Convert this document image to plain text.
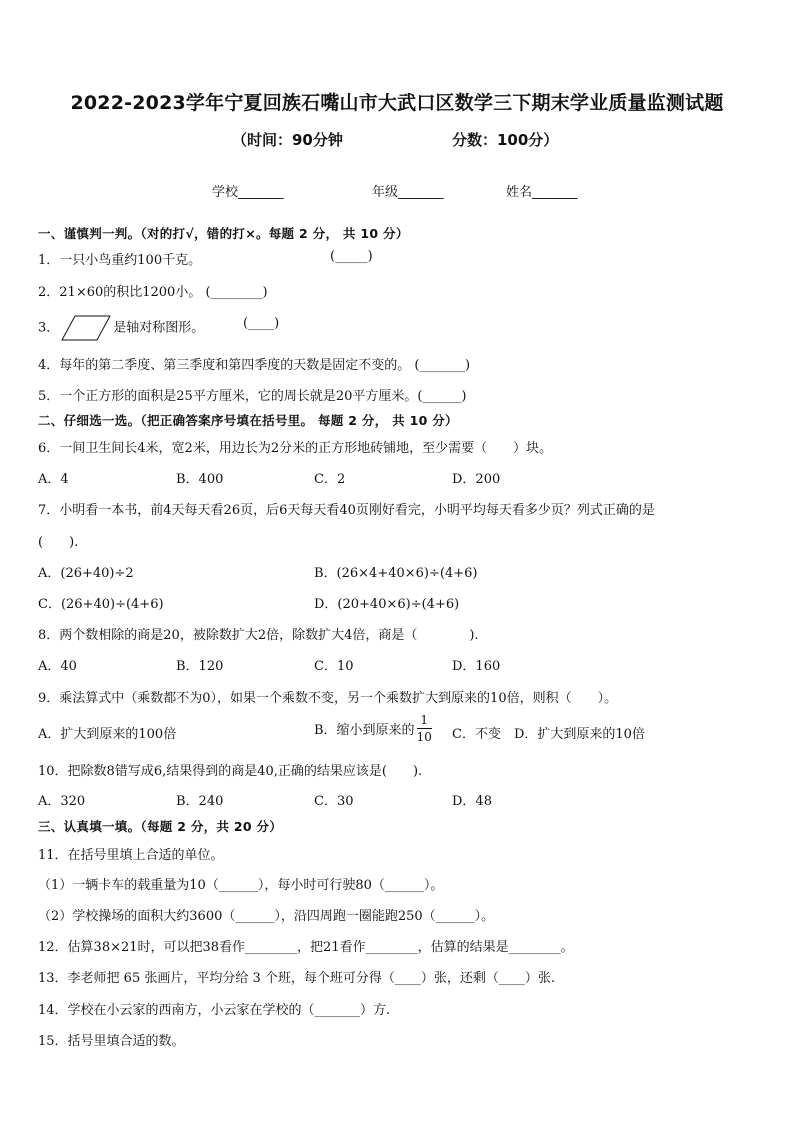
2022-2023学年宁夏回族石嘴山市大武口区数学三下期末学业质量监测试题
（时间：90分钟	分数：100分）
学校_______	年级_______	姓名_______
一、谨慎判一判。（对的打√，错的打×。每题 2 分， 共 10 分）
1．一只小鸟重约100千克。	(_____)
2．21×60的积比1200小。 (________)
3．	是轴对称图形。	(____)
4．每年的第二季度、第三季度和第四季度的天数是固定不变的。 (_______)
5．一个正方形的面积是25平方厘米，它的周长就是20平方厘米。(______)
二、仔细选一选。（把正确答案序号填在括号里。 每题 2 分， 共 10 分）
6．一间卫生间长4米，宽2米，用边长为2分米的正方形地砖铺地，至少需要（　　）块。
A．4	B．400	C．2	D．200
7．小明看一本书，前4天每天看26页，后6天每天看40页刚好看完，小明平均每天看多少页？列式正确的是
(　　).
A．(26+40)÷2	B．(26×4+40×6)÷(4+6)
C．(26+40)÷(4+6)	D．(20+40×6)÷(4+6)
8．两个数相除的商是20，被除数扩大2倍，除数扩大4倍，商是（　　　　).
A．40	B．120	C．10	D．160
9．乘法算式中（乘数都不为0），如果一个乘数不变，另一个乘数扩大到原来的10倍，则积（　　）。
A．扩大到原来的100倍	B．缩小到原来的 $\frac{1}{10}$ C．不变　D．扩大到原来的10倍
10．把除数8错写成6,结果得到的商是40,正确的结果应该是(　　).
A．320	B．240	C．30	D．48
三、认真填一填。（每题 2 分，共 20 分）
11．在括号里填上合适的单位。
（1）一辆卡车的载重量为10（______），每小时可行驶80（______）。
（2）学校操场的面积大约3600（______），沿四周跑一圈能跑250（______）。
12．估算38×21时，可以把38看作________，把21看作________，估算的结果是________。
13．李老师把 65 张画片，平均分给 3 个班，每个班可分得（____）张，还剩（____）张.
14．学校在小云家的西南方，小云家在学校的（_______）方.
15．括号里填合适的数。
